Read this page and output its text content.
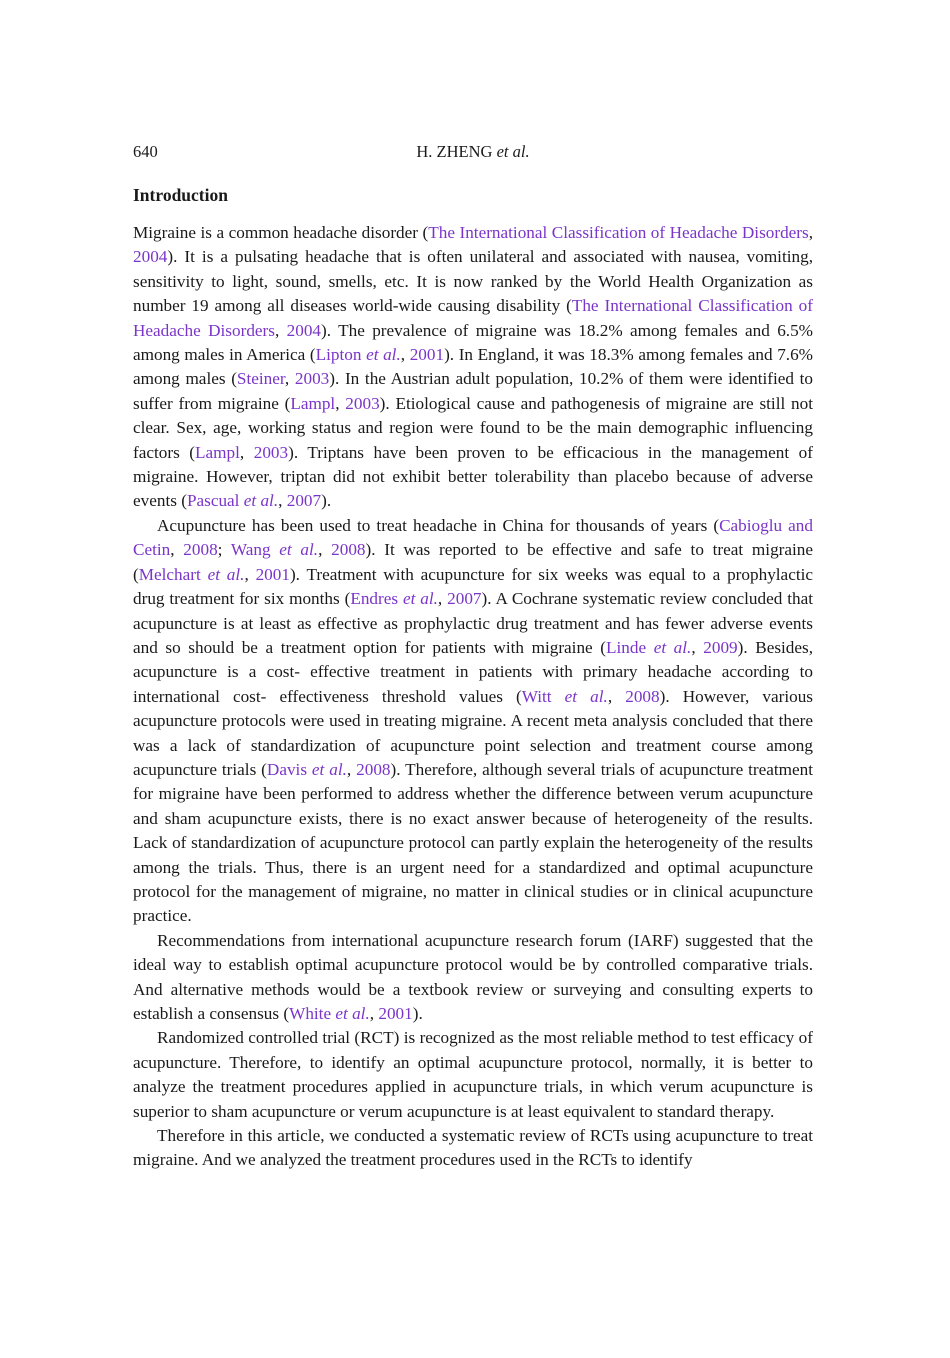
640	H. ZHENG et al.
Introduction

Migraine is a common headache disorder (The International Classification of Headache Disorders, 2004). It is a pulsating headache that is often unilateral and associated with nausea, vomiting, sensitivity to light, sound, smells, etc. It is now ranked by the World Health Organization as number 19 among all diseases world-wide causing disability (The International Classification of Headache Disorders, 2004). The prevalence of migraine was 18.2% among females and 6.5% among males in America (Lipton et al., 2001). In England, it was 18.3% among females and 7.6% among males (Steiner, 2003). In the Austrian adult population, 10.2% of them were identified to suffer from migraine (Lampl, 2003). Etiological cause and pathogenesis of migraine are still not clear. Sex, age, working status and region were found to be the main demographic influencing factors (Lampl, 2003). Triptans have been proven to be efficacious in the management of migraine. However, triptan did not exhibit better tolerability than placebo because of adverse events (Pascual et al., 2007).

Acupuncture has been used to treat headache in China for thousands of years (Cabioglu and Cetin, 2008; Wang et al., 2008). It was reported to be effective and safe to treat migraine (Melchart et al., 2001). Treatment with acupuncture for six weeks was equal to a prophylactic drug treatment for six months (Endres et al., 2007). A Cochrane systematic review concluded that acupuncture is at least as effective as prophylactic drug treatment and has fewer adverse events and so should be a treatment option for patients with migraine (Linde et al., 2009). Besides, acupuncture is a cost- effective treatment in patients with primary headache according to international cost- effectiveness threshold values (Witt et al., 2008). However, various acupuncture protocols were used in treating migraine. A recent meta analysis concluded that there was a lack of standardization of acupuncture point selection and treatment course among acupuncture trials (Davis et al., 2008). Therefore, although several trials of acupuncture treatment for migraine have been performed to address whether the difference between verum acupuncture and sham acupuncture exists, there is no exact answer because of heterogeneity of the results. Lack of standardization of acupuncture protocol can partly explain the heterogeneity of the results among the trials. Thus, there is an urgent need for a standardized and optimal acupuncture protocol for the management of migraine, no matter in clinical studies or in clinical acupuncture practice.

Recommendations from international acupuncture research forum (IARF) suggested that the ideal way to establish optimal acupuncture protocol would be by controlled comparative trials. And alternative methods would be a textbook review or surveying and consulting experts to establish a consensus (White et al., 2001).

Randomized controlled trial (RCT) is recognized as the most reliable method to test efficacy of acupuncture. Therefore, to identify an optimal acupuncture protocol, normally, it is better to analyze the treatment procedures applied in acupuncture trials, in which verum acupuncture is superior to sham acupuncture or verum acupuncture is at least equivalent to standard therapy.

Therefore in this article, we conducted a systematic review of RCTs using acupuncture to treat migraine. And we analyzed the treatment procedures used in the RCTs to identify
